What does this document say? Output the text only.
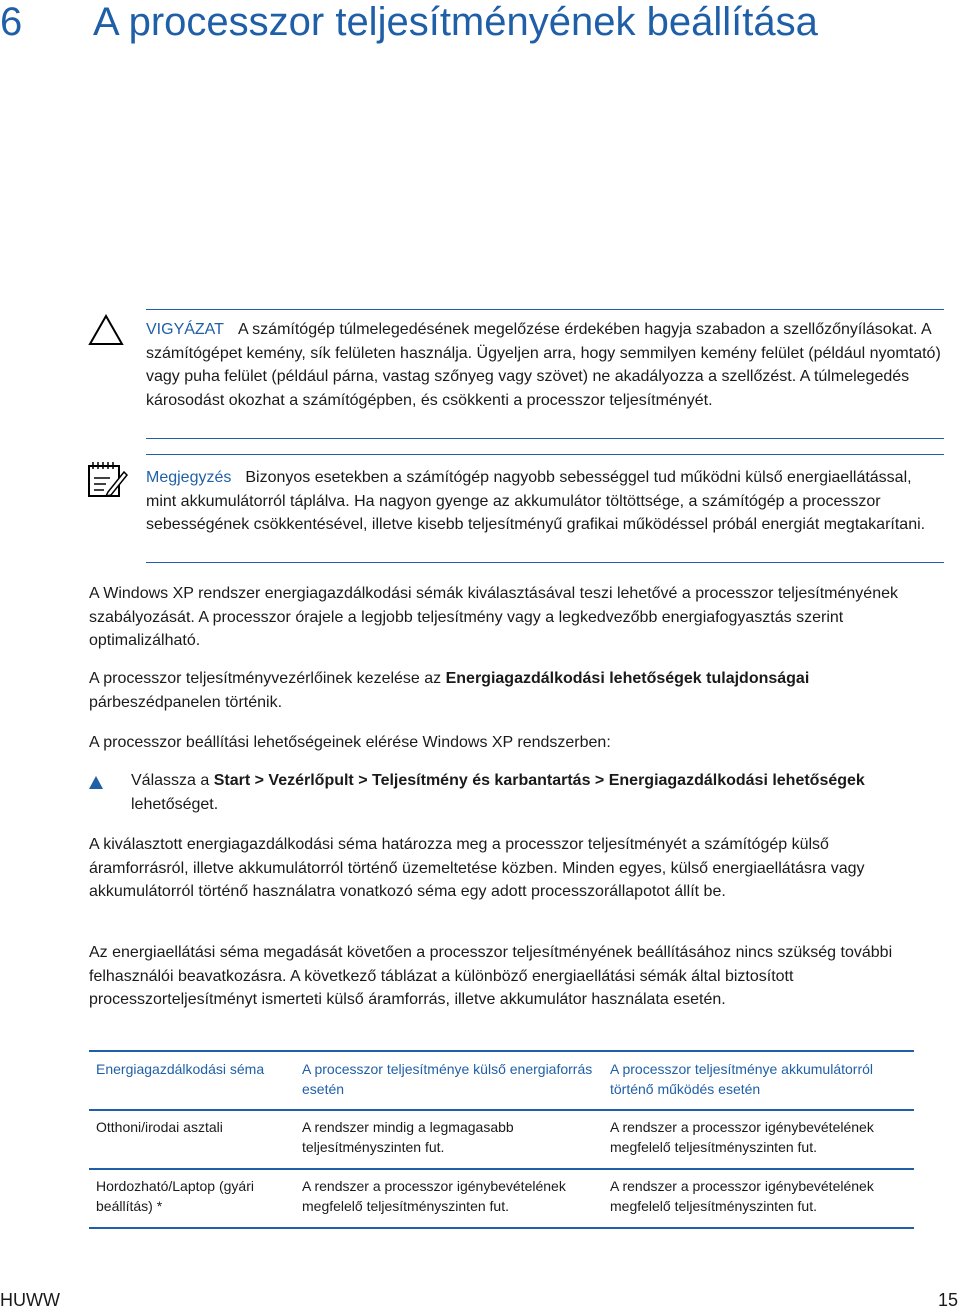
6 A processzor teljesítményének beállítása
VIGYÁZAT A számítógép túlmelegedésének megelőzése érdekében hagyja szabadon a szellőzőnyílásokat. A számítógépet kemény, sík felületen használja. Ügyeljen arra, hogy semmilyen kemény felület (például nyomtató) vagy puha felület (például párna, vastag szőnyeg vagy szövet) ne akadályozza a szellőzést. A túlmelegedés károsodást okozhat a számítógépben, és csökkenti a processzor teljesítményét.
Megjegyzés Bizonyos esetekben a számítógép nagyobb sebességgel tud működni külső energiaellátással, mint akkumulátorról táplálva. Ha nagyon gyenge az akkumulátor töltöttsége, a számítógép a processzor sebességének csökkentésével, illetve kisebb teljesítményű grafikai működéssel próbál energiát megtakarítani.
A Windows XP rendszer energiagazdálkodási sémák kiválasztásával teszi lehetővé a processzor teljesítményének szabályozását. A processzor órajele a legjobb teljesítmény vagy a legkedvezőbb energiafogyasztás szerint optimalizálható.
A processzor teljesítményvezérlőinek kezelése az Energiagazdálkodási lehetőségek tulajdonságai párbeszédpanelen történik.
A processzor beállítási lehetőségeinek elérése Windows XP rendszerben:
Válassza a Start > Vezérlőpult > Teljesítmény és karbantartás > Energiagazdálkodási lehetőségek lehetőséget.
A kiválasztott energiagazdálkodási séma határozza meg a processzor teljesítményét a számítógép külső áramforrásról, illetve akkumulátorról történő üzemeltetése közben. Minden egyes, külső energiaellátásra vagy akkumulátorról történő használatra vonatkozó séma egy adott processzorállapotot állít be.
Az energiaellátási séma megadását követően a processzor teljesítményének beállításához nincs szükség további felhasználói beavatkozásra. A következő táblázat a különböző energiaellátási sémák által biztosított processzorteljesítményt ismerteti külső áramforrás, illetve akkumulátor használata esetén.
Energiagazdálkodási séma	A processzor teljesítménye külső energiaforrás esetén	A processzor teljesítménye akkumulátorról történő működés esetén
Otthoni/irodai asztali	A rendszer mindig a legmagasabb teljesítményszinten fut.	A rendszer a processzor igénybevételének megfelelő teljesítményszinten fut.
Hordozható/Laptop (gyári beállítás) *	A rendszer a processzor igénybevételének megfelelő teljesítményszinten fut.	A rendszer a processzor igénybevételének megfelelő teljesítményszinten fut.
HUWW	15
